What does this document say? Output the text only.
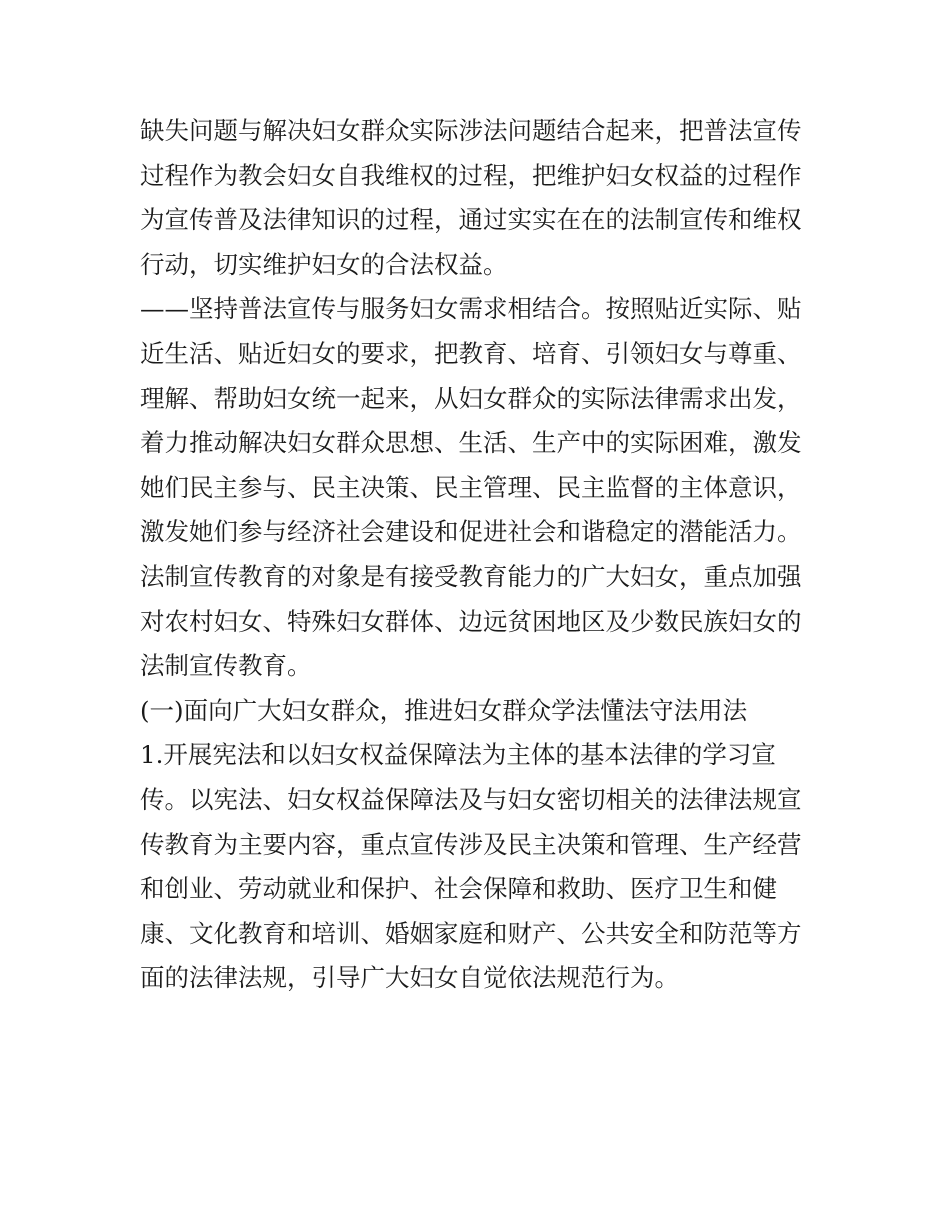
缺失问题与解决妇女群众实际涉法问题结合起来，把普法宣传
过程作为教会妇女自我维权的过程，把维护妇女权益的过程作
为宣传普及法律知识的过程，通过实实在在的法制宣传和维权
行动，切实维护妇女的合法权益。
——坚持普法宣传与服务妇女需求相结合。按照贴近实际、贴
近生活、贴近妇女的要求，把教育、培育、引领妇女与尊重、
理解、帮助妇女统一起来，从妇女群众的实际法律需求出发，
着力推动解决妇女群众思想、生活、生产中的实际困难，激发
她们民主参与、民主决策、民主管理、民主监督的主体意识，
激发她们参与经济社会建设和促进社会和谐稳定的潜能活力。
法制宣传教育的对象是有接受教育能力的广大妇女，重点加强
对农村妇女、特殊妇女群体、边远贫困地区及少数民族妇女的
法制宣传教育。
(一)面向广大妇女群众，推进妇女群众学法懂法守法用法
1.开展宪法和以妇女权益保障法为主体的基本法律的学习宣
传。以宪法、妇女权益保障法及与妇女密切相关的法律法规宣
传教育为主要内容，重点宣传涉及民主决策和管理、生产经营
和创业、劳动就业和保护、社会保障和救助、医疗卫生和健
康、文化教育和培训、婚姻家庭和财产、公共安全和防范等方
面的法律法规，引导广大妇女自觉依法规范行为。
